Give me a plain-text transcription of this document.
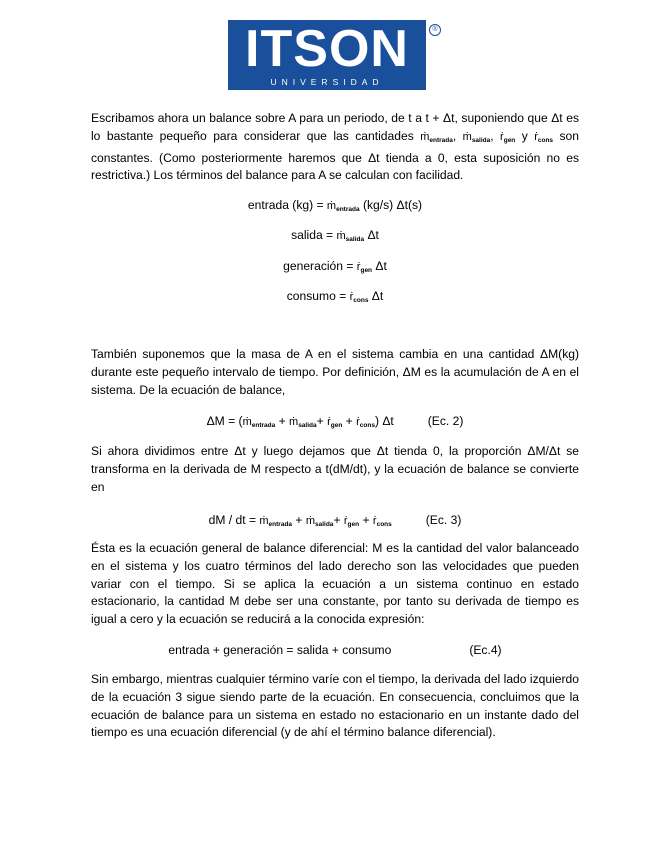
ITSON
UNIVERSIDAD
®
Escribamos ahora un balance sobre A para un periodo, de t a t + Δt, suponiendo que Δt es lo bastante pequeño para considerar que las cantidades ṁ$_{entrada}$, ṁ$_{salida}$, ṙ$_{gen}$ y ṙ$_{cons}$ son constantes. (Como posteriormente haremos que Δt tienda a 0, esta suposición no es restrictiva.) Los términos del balance para A se calculan con facilidad.
entrada (kg) = ṁ$_{entrada}$ (kg/s) Δt(s)
salida = ṁ$_{salida}$ Δt
generación = ṙ$_{gen}$ Δt
consumo = ṙ$_{cons}$ Δt
También suponemos que la masa de A en el sistema cambia en una cantidad ΔM(kg) durante este pequeño intervalo de tiempo. Por definición, ΔM es la acumulación de A en el sistema. De la ecuación de balance,
ΔM = (ṁ$_{entrada}$ + ṁ$_{salida}$+ ṙ$_{gen}$ + ṙ$_{cons}$) Δt	(Ec. 2)
Si ahora dividimos entre Δt y luego dejamos que Δt tienda 0, la proporción ΔM/Δt se transforma en la derivada de M respecto a t(dM/dt), y la ecuación de balance se convierte en
dM / dt = ṁ$_{entrada}$ + ṁ$_{salida}$+ ṙ$_{gen}$ + ṙ$_{cons}$	(Ec. 3)
Ésta es la ecuación general de balance diferencial: M es la cantidad del valor balanceado en el sistema y los cuatro términos del lado derecho son las velocidades que pueden variar con el tiempo. Si se aplica la ecuación a un sistema continuo en estado estacionario, la cantidad M debe ser una constante, por tanto su derivada de tiempo es igual a cero y la ecuación se reducirá a la conocida expresión:
entrada + generación = salida + consumo	(Ec.4)
Sin embargo, mientras cualquier término varíe con el tiempo, la derivada del lado izquierdo de la ecuación 3 sigue siendo parte de la ecuación. En consecuencia, concluimos que la ecuación de balance para un sistema en estado no estacionario en un instante dado del tiempo es una ecuación diferencial (y de ahí el término balance diferencial).
